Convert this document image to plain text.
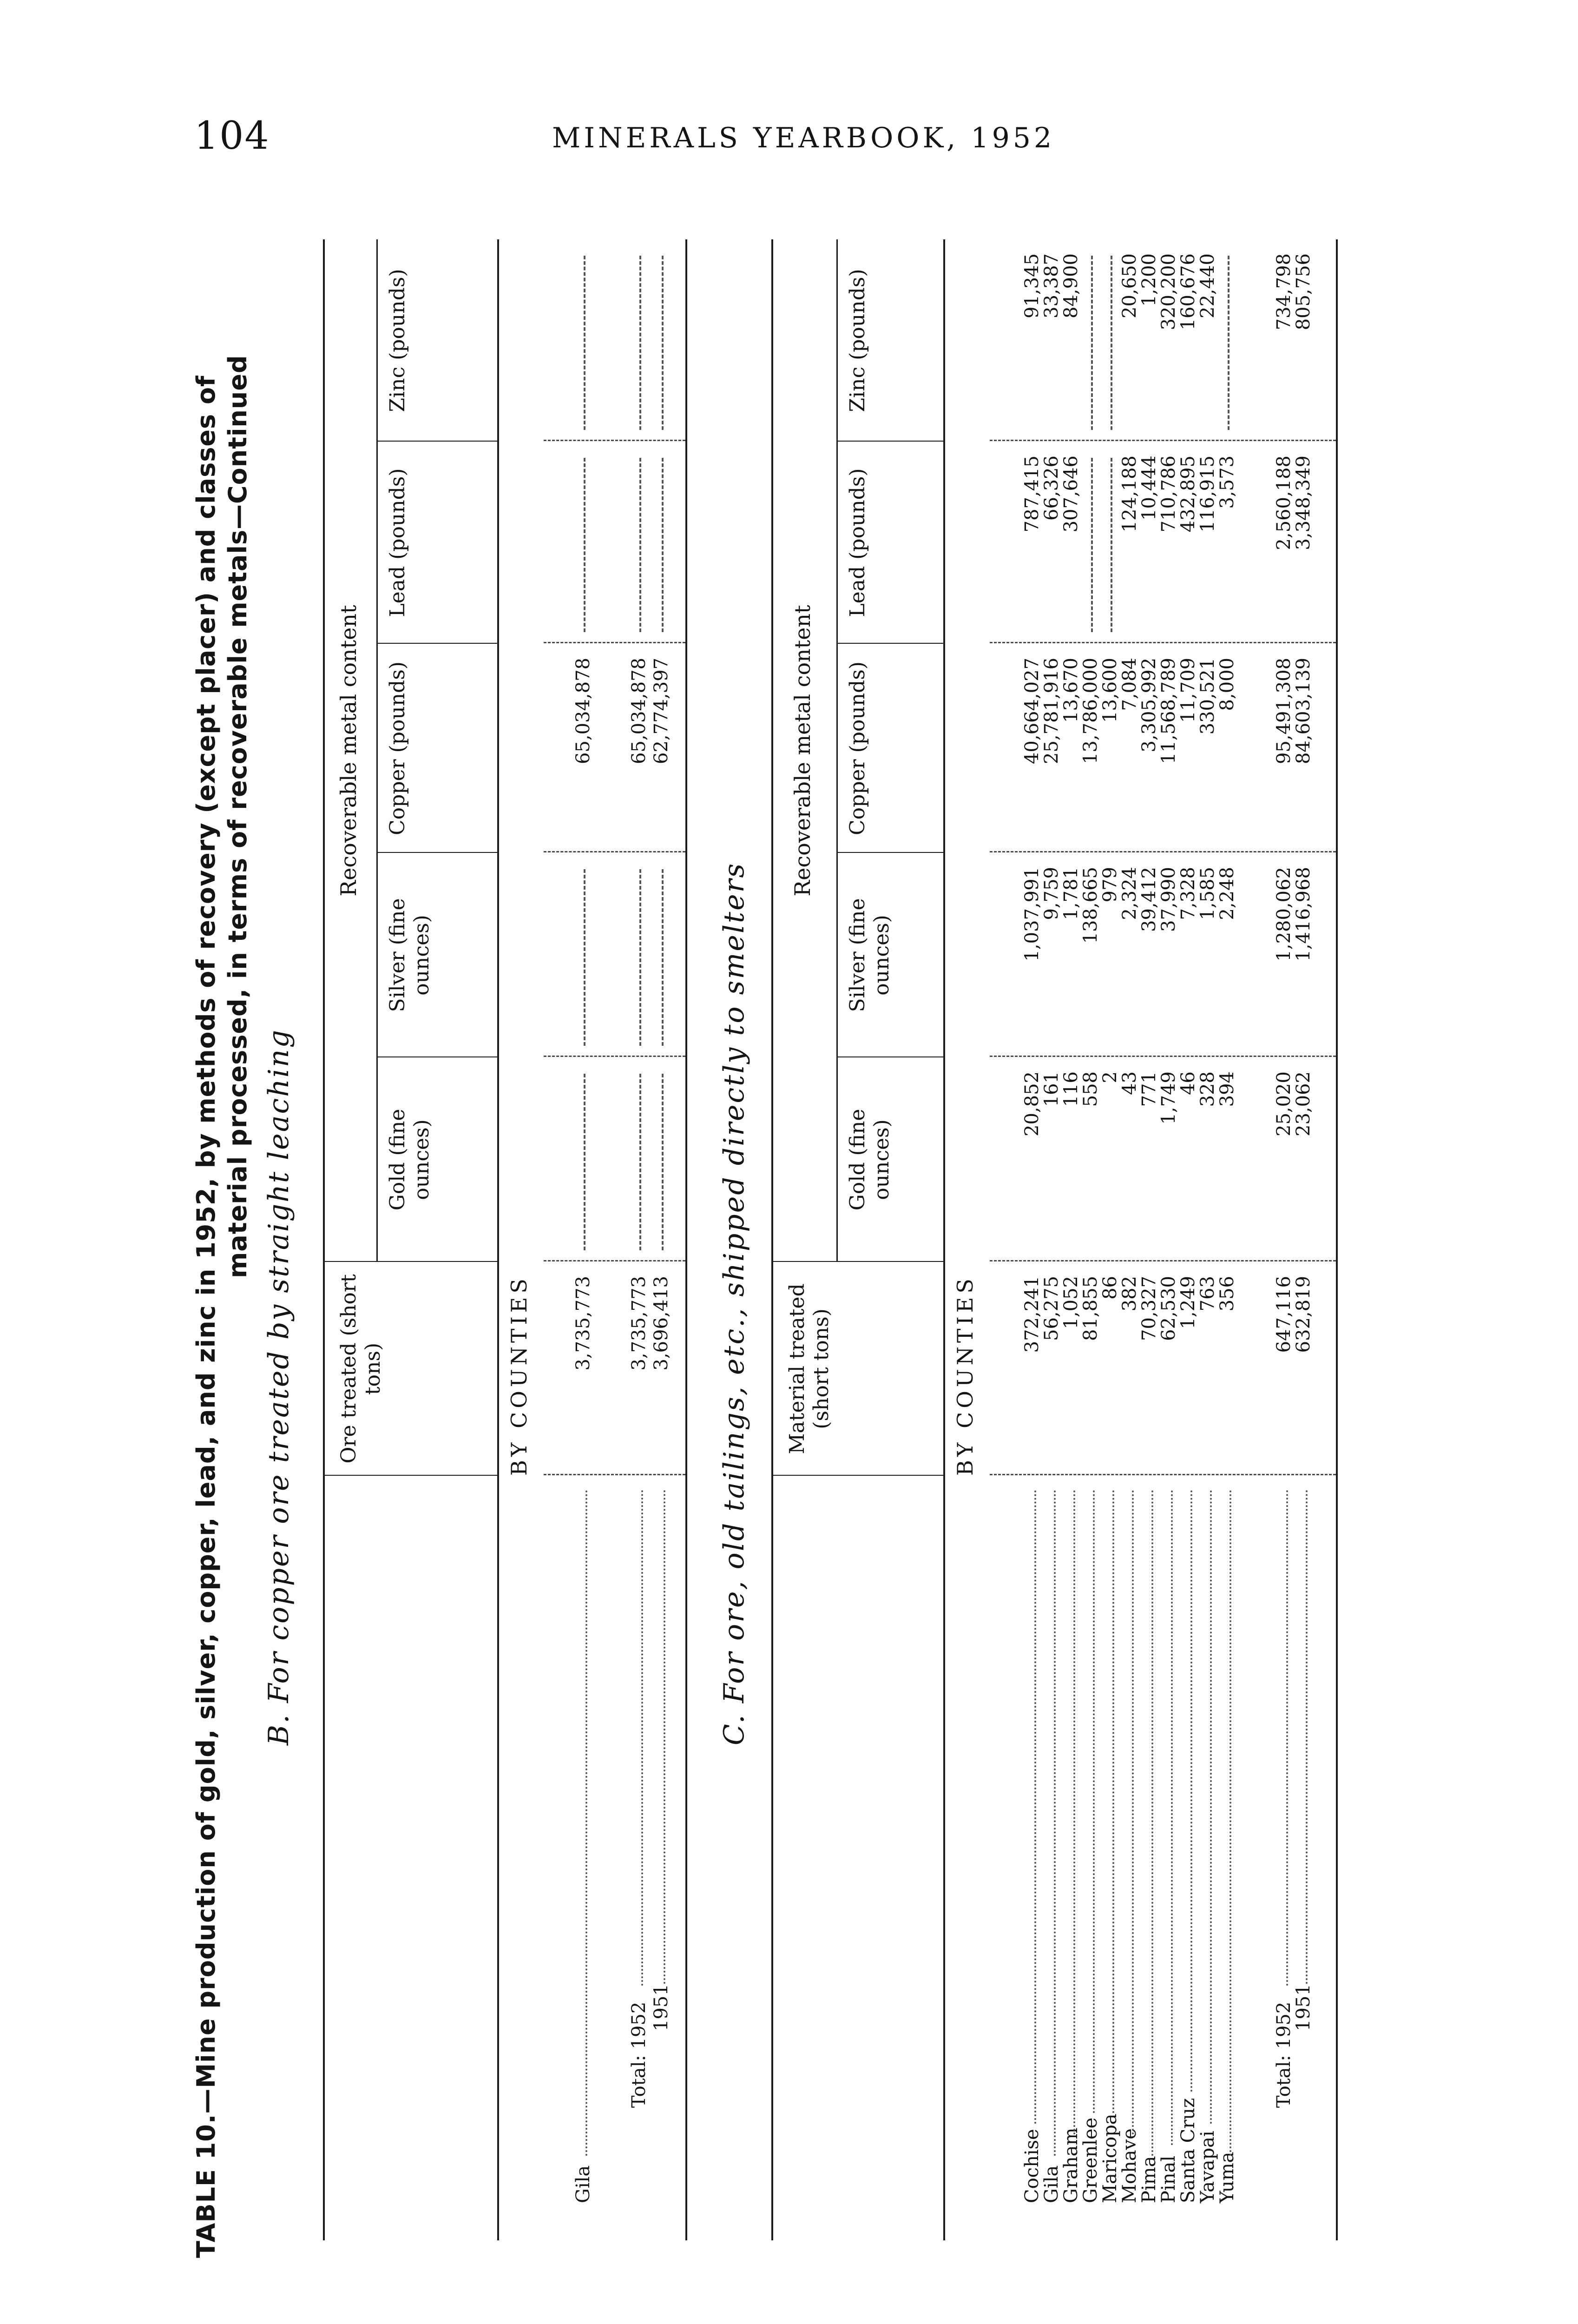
104	MINERALS YEARBOOK, 1952
TABLE 10.—Mine production of gold, silver, copper, lead, and zinc in 1952, by methods of recovery (except placer) and classes of material processed, in terms of recoverable metals—Continued
B. For copper ore treated by straight leaching
Recoverable metal content
Ore treated (short tons)
Gold (fine ounces)
Silver (fine ounces)
Copper (pounds)
Lead (pounds)
Zinc (pounds)
BY COUNTIES
Gila
3,735,773
65,034,878
Total: 1952
3,735,773
65,034,878
1951
3,696,413
62,774,397
C. For ore, old tailings, etc., shipped directly to smelters
Recoverable metal content
Material treated (short tons)
Gold (fine ounces)
Silver (fine ounces)
Copper (pounds)
Lead (pounds)
Zinc (pounds)
BY COUNTIES
Cochise
372,241
20,852
1,037,991
40,664,027
787,415
91,345
Gila
56,275
161
9,759
25,781,916
66,326
33,387
Graham
1,052
116
1,781
13,670
307,646
84,900
Greenlee
81,855
558
138,665
13,786,000
Maricopa
86
2
979
13,600
Mohave
382
43
2,324
7,084
124,188
20,650
Pima
70,327
771
39,412
3,305,992
10,444
1,200
Pinal
62,530
1,749
37,990
11,568,789
710,786
320,200
Santa Cruz
1,249
46
7,328
11,709
432,895
160,676
Yavapai
763
328
1,585
330,521
116,915
22,440
Yuma
356
394
2,248
8,000
3,573
Total: 1952
647,116
25,020
1,280,062
95,491,308
2,560,188
734,798
1951
632,819
23,062
1,416,968
84,603,139
3,348,349
805,756
